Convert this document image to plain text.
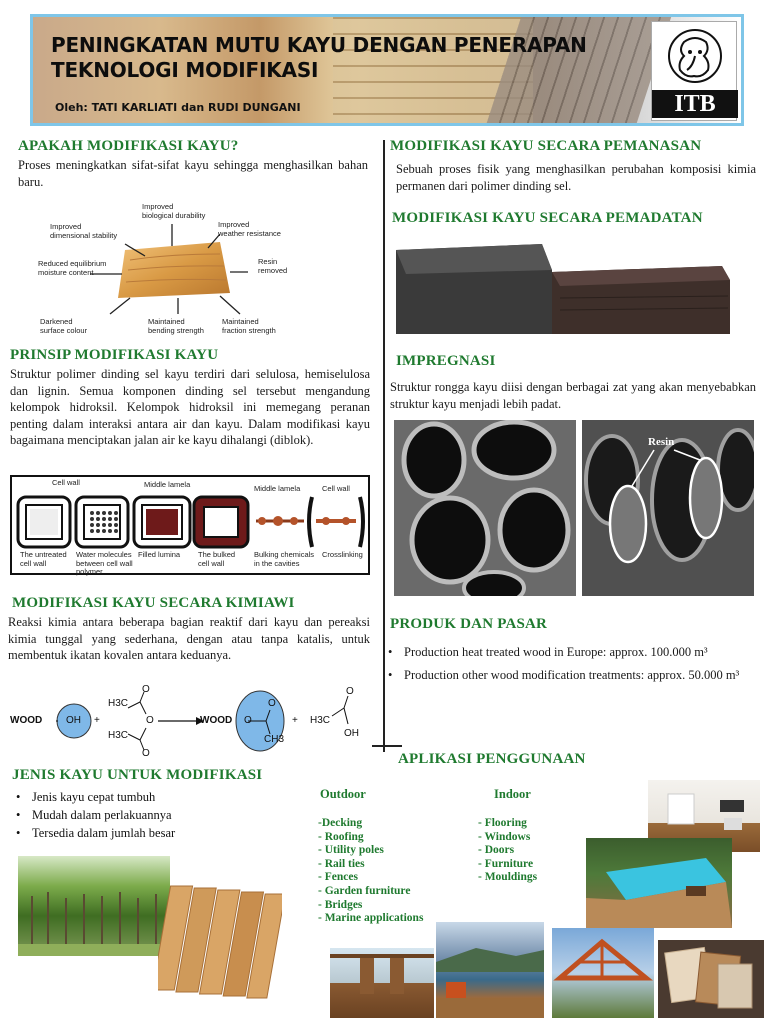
PENINGKATAN MUTU KAYU DENGAN PENERAPAN
TEKNOLOGI MODIFIKASI
Oleh: TATI KARLIATI dan RUDI DUNGANI	ITB
APAKAH MODIFIKASI KAYU?

Proses meningkatkan sifat-sifat kayu sehingga menghasilkan bahan baru.

Improved
biological durability
Improved
dimensional stability
Improved
weather resistance
Reduced equilibrium
moisture content
Resin
removed
Darkened
surface colour
Maintained
bending strength
Maintained
fraction strength
PRINSIP MODIFIKASI KAYU

Struktur polimer dinding sel kayu terdiri dari selulosa, hemiselulosa dan lignin. Semua komponen dinding sel tersebut mengandung kelompok hidroksil. Kelompok hidroksil ini memegang peranan penting dalam interaksi antara air dan kayu. Dalam modifikasi kayu bagaimana menciptakan jalan air ke kayu dihalangi (diblok).

Cell wall	Middle lamela	Middle lamela	Cell wall
The untreated
cell wall
Water molecules
between cell wall
polymer
Filled lumina The bulked
cell wall
Bulking chemicals
in the cavities
Crosslinking
MODIFIKASI KAYU SECARA KIMIAWI

Reaksi kimia antara beberapa bagian reaktif dari kayu dan pereaksi kimia tunggal yang sederhana, dengan atau tanpa katalis, untuk membentuk ikatan kovalen antara keduanya.

WOOD OH +
H3C
O
O
H3C
O
WOOD O
O
CH3
+ H3C
O
OH
JENIS KAYU UNTUK MODIFIKASI
• Jenis kayu cepat tumbuh
• Mudah dalam perlakuannya
• Tersedia dalam jumlah besar
MODIFIKASI KAYU SECARA PEMANASAN

Sebuah proses fisik yang menghasilkan perubahan komposisi kimia permanen dari polimer dinding sel.

MODIFIKASI KAYU SECARA PEMADATAN
IMPREGNASI

Struktur rongga kayu diisi dengan berbagai zat yang akan menyebabkan struktur kayu menjadi lebih padat.

Resin
PRODUK DAN PASAR
• Production heat treated wood in Europe: approx. 100.000 m³
• Production other wood modification treatments: approx. 50.000 m³
APLIKASI PENGGUNAAN
Outdoor	Indoor
-Decking
- Roofing
- Utility poles
- Rail ties
- Fences
- Garden furniture
- Bridges
- Marine applications
- Flooring
- Windows
- Doors
- Furniture
- Mouldings
